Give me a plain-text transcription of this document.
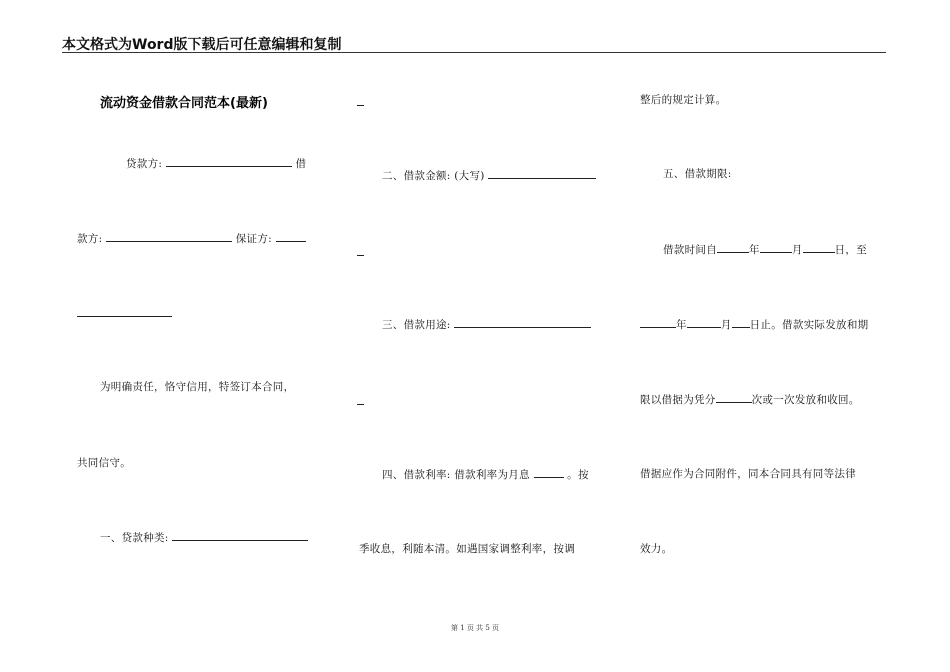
本文格式为Word版下载后可任意编辑和复制
流动资金借款合同范本(最新)
贷款方:	借
款方:	保证方:
为明确责任，恪守信用，特签订本合同，
共同信守。
一、贷款种类:
二、借款金额: (大写)
三、借款用途:
四、借款利率: 借款利率为月息	。按
季收息，利随本清。如遇国家调整利率，按调
整后的规定计算。
五、借款期限:
借款时间自	年	月	日，至
年	月 日止。借款实际发放和期
限以借据为凭分	次或一次发放和收回。
借据应作为合同附件，同本合同具有同等法律
效力。
第 1 页 共 5 页
